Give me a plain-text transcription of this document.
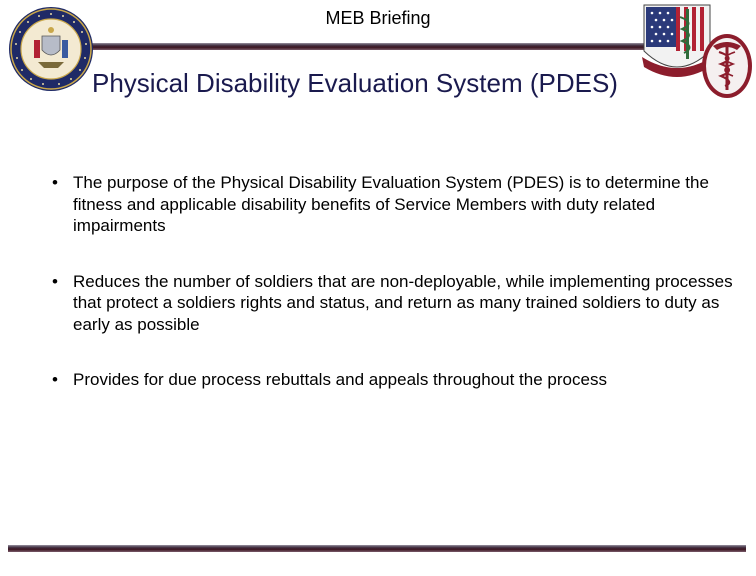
MEB Briefing
Physical Disability Evaluation System (PDES)
• The purpose of the Physical Disability Evaluation System (PDES) is to determine the fitness and applicable disability benefits of Service Members with duty related impairments
• Reduces the number of soldiers that are non-deployable, while implementing processes that protect a soldiers rights and status, and return as many trained soldiers to duty as early as possible
• Provides for due process rebuttals and appeals throughout the process
